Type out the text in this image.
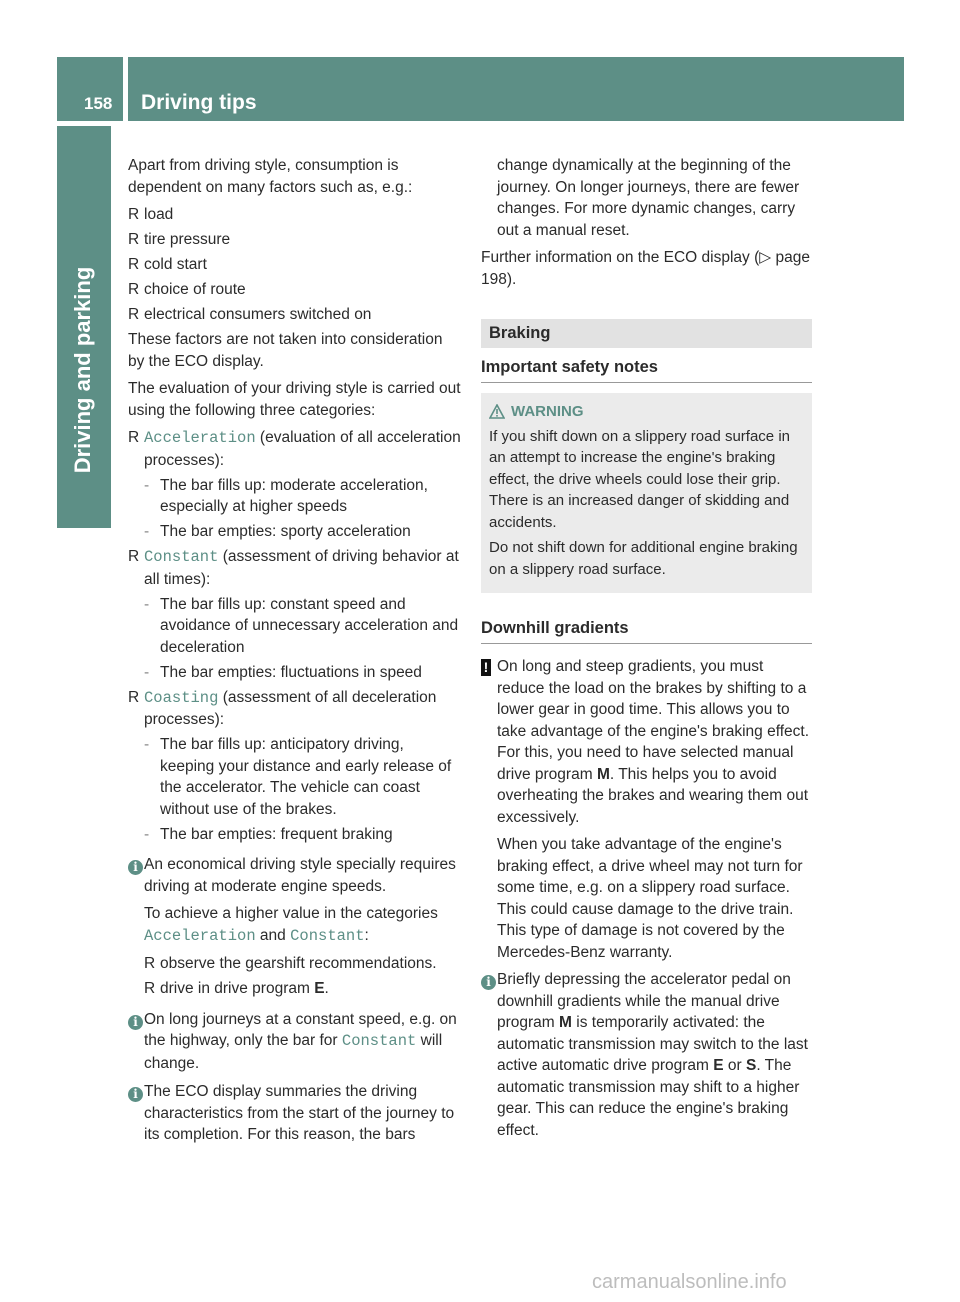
158 Driving tips
Driving and parking

Apart from driving style, consumption is dependent on many factors such as, e.g.:

R load
R tire pressure
R cold start
R choice of route
R electrical consumers switched on

These factors are not taken into consideration by the ECO display.

The evaluation of your driving style is carried out using the following three categories:

R Acceleration (evaluation of all acceleration processes):
- The bar fills up: moderate acceleration, especially at higher speeds
- The bar empties: sporty acceleration
R Constant (assessment of driving behavior at all times):
- The bar fills up: constant speed and avoidance of unnecessary acceleration and deceleration
- The bar empties: fluctuations in speed
R Coasting (assessment of all deceleration processes):
- The bar fills up: anticipatory driving, keeping your distance and early release of the accelerator. The vehicle can coast without use of the brakes.
- The bar empties: frequent braking
i An economical driving style specially requires driving at moderate engine speeds.

To achieve a higher value in the categories Acceleration and Constant:

R observe the gearshift recommendations.
R drive in drive program E.
i On long journeys at a constant speed, e.g. on the highway, only the bar for Constant will change.

i The ECO display summaries the driving characteristics from the start of the journey to its completion. For this reason, the bars

change dynamically at the beginning of the journey. On longer journeys, there are fewer changes. For more dynamic changes, carry out a manual reset.

Further information on the ECO display (▷ page 198).

Braking
Important safety notes
WARNING

If you shift down on a slippery road surface in an attempt to increase the engine's braking effect, the drive wheels could lose their grip. There is an increased danger of skidding and accidents.

Do not shift down for additional engine braking on a slippery road surface.

Downhill gradients
! On long and steep gradients, you must reduce the load on the brakes by shifting to a lower gear in good time. This allows you to take advantage of the engine's braking effect. For this, you need to have selected manual drive program M. This helps you to avoid overheating the brakes and wearing them out excessively.

When you take advantage of the engine's braking effect, a drive wheel may not turn for some time, e.g. on a slippery road surface. This could cause damage to the drive train. This type of damage is not covered by the Mercedes-Benz warranty.

i Briefly depressing the accelerator pedal on downhill gradients while the manual drive program M is temporarily activated: the automatic transmission may switch to the last active automatic drive program E or S. The automatic transmission may shift to a higher gear. This can reduce the engine's braking effect.

carmanualsonline.info
